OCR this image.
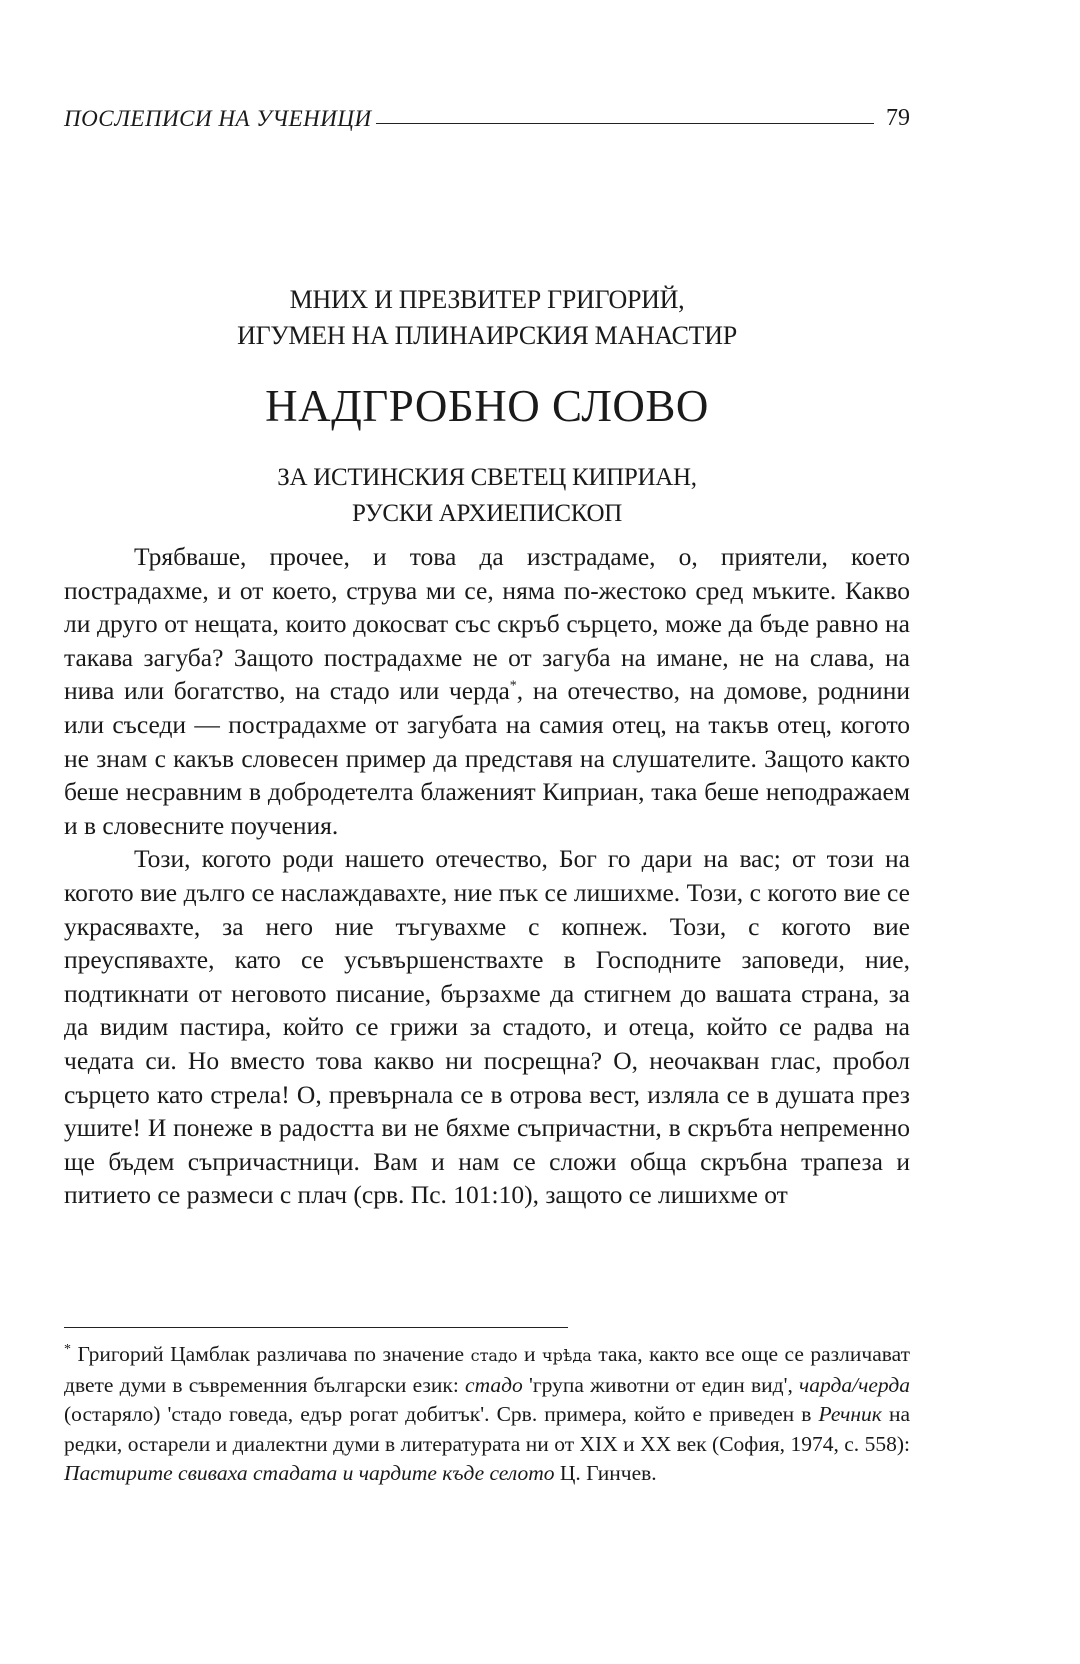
ПОСЛЕПИСИ НА УЧЕНИЦИ	79
МНИХ И ПРЕЗВИТЕР ГРИГОРИЙ,
ИГУМЕН НА ПЛИНАИРСКИЯ МАНАСТИР
НАДГРОБНО СЛОВО
ЗА ИСТИНСКИЯ СВЕТЕЦ КИПРИАН,
РУСКИ АРХИЕПИСКОП

Трябваше, прочее, и това да изстрадаме, о, приятели, което пострадахме, и от което, струва ми се, няма по-жестоко сред мъките. Какво ли друго от нещата, които докосват със скръб сърцето, може да бъде равно на такава загуба? Защото пострадахме не от загуба на имане, не на слава, на нива или богатство, на стадо или черда*, на отечество, на домове, роднини или съседи — пострадахме от загубата на самия отец, на такъв отец, когото не знам с какъв словесен пример да представя на слушателите. Защото както беше несравним в добродетелта блаженият Киприан, така беше неподражаем и в словесните поучения.

Този, когото роди нашето отечество, Бог го дари на вас; от този на когото вие дълго се наслаждавахте, ние пък се лишихме. Този, с когото вие се украсявахте, за него ние тъгувахме с копнеж. Този, с когото вие преуспявахте, като се усъвършенствахте в Господните заповеди, ние, подтикнати от неговото писание, бързахме да стигнем до вашата страна, за да видим пастира, който се грижи за стадото, и отеца, който се радва на чедата си. Но вместо това какво ни посрещна? О, неочакван глас, пробол сърцето като стрела! О, превърнала се в отрова вест, изляла се в душата през ушите! И понеже в радостта ви не бяхме съпричастни, в скръбта непременно ще бъдем съпричастници. Вам и нам се сложи обща скръбна трапеза и питието се размеси с плач (срв. Пс. 101:10), защото се лишихме от

* Григорий Цамблак различава по значение стадо и чрѣда така, както все още се различават двете думи в съвременния български език: стадо 'група животни от един вид', чарда/черда (остаряло) 'стадо говеда, едър рогат добитък'. Срв. примера, който е приведен в Речник на редки, остарели и диалектни думи в литературата ни от XIX и XX век (София, 1974, с. 558): Пастирите свиваха стадата и чардите къде селото Ц. Гинчев.
